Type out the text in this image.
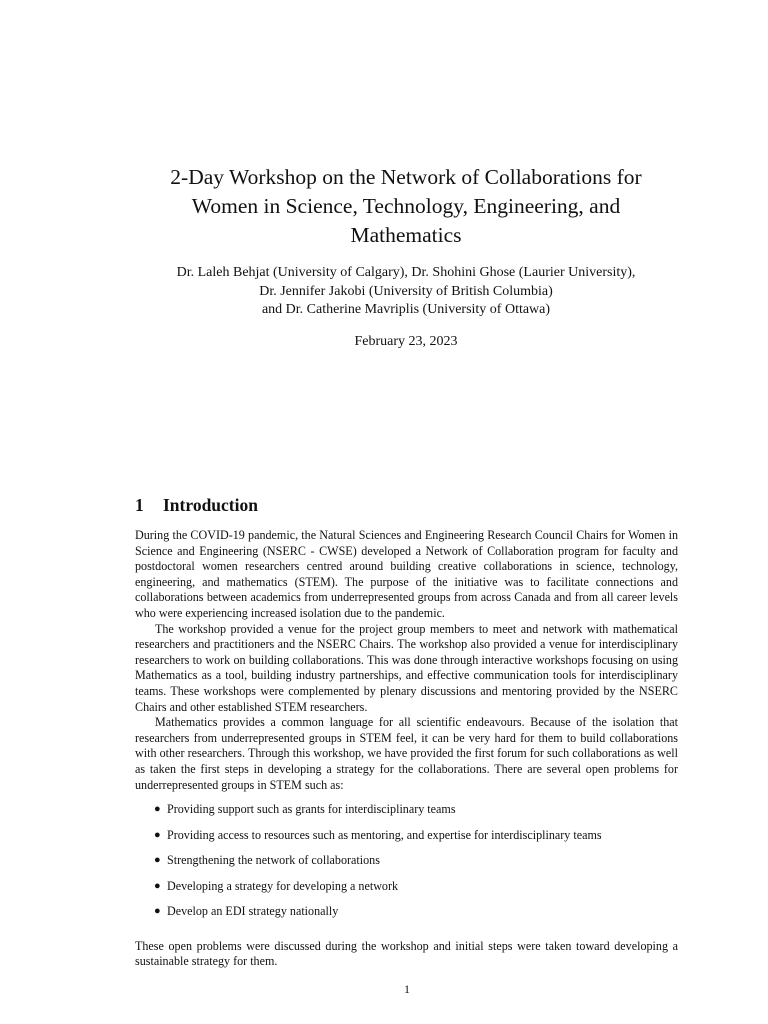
2-Day Workshop on the Network of Collaborations for
Women in Science, Technology, Engineering, and
Mathematics
Dr. Laleh Behjat (University of Calgary), Dr. Shohini Ghose (Laurier University),
Dr. Jennifer Jakobi (University of British Columbia)
and Dr. Catherine Mavriplis (University of Ottawa)
February 23, 2023
1 Introduction

During the COVID-19 pandemic, the Natural Sciences and Engineering Research Council Chairs for Women in Science and Engineering (NSERC - CWSE) developed a Network of Collaboration program for faculty and postdoctoral women researchers centred around building creative collaborations in science, technology, engineering, and mathematics (STEM). The purpose of the initiative was to facilitate connections and collaborations between academics from underrepresented groups from across Canada and from all career levels who were experiencing increased isolation due to the pandemic.

The workshop provided a venue for the project group members to meet and network with mathematical researchers and practitioners and the NSERC Chairs. The workshop also provided a venue for interdisciplinary researchers to work on building collaborations. This was done through interactive workshops focusing on using Mathematics as a tool, building industry partnerships, and effective communication tools for interdisciplinary teams. These workshops were complemented by plenary discussions and mentoring provided by the NSERC Chairs and other established STEM researchers.

Mathematics provides a common language for all scientific endeavours. Because of the isolation that researchers from underrepresented groups in STEM feel, it can be very hard for them to build collaborations with other researchers. Through this workshop, we have provided the first forum for such collaborations as well as taken the first steps in developing a strategy for the collaborations. There are several open problems for underrepresented groups in STEM such as:

● Providing support such as grants for interdisciplinary teams
● Providing access to resources such as mentoring, and expertise for interdisciplinary teams
● Strengthening the network of collaborations
● Developing a strategy for developing a network
● Develop an EDI strategy nationally

These open problems were discussed during the workshop and initial steps were taken toward developing a sustainable strategy for them.

1
